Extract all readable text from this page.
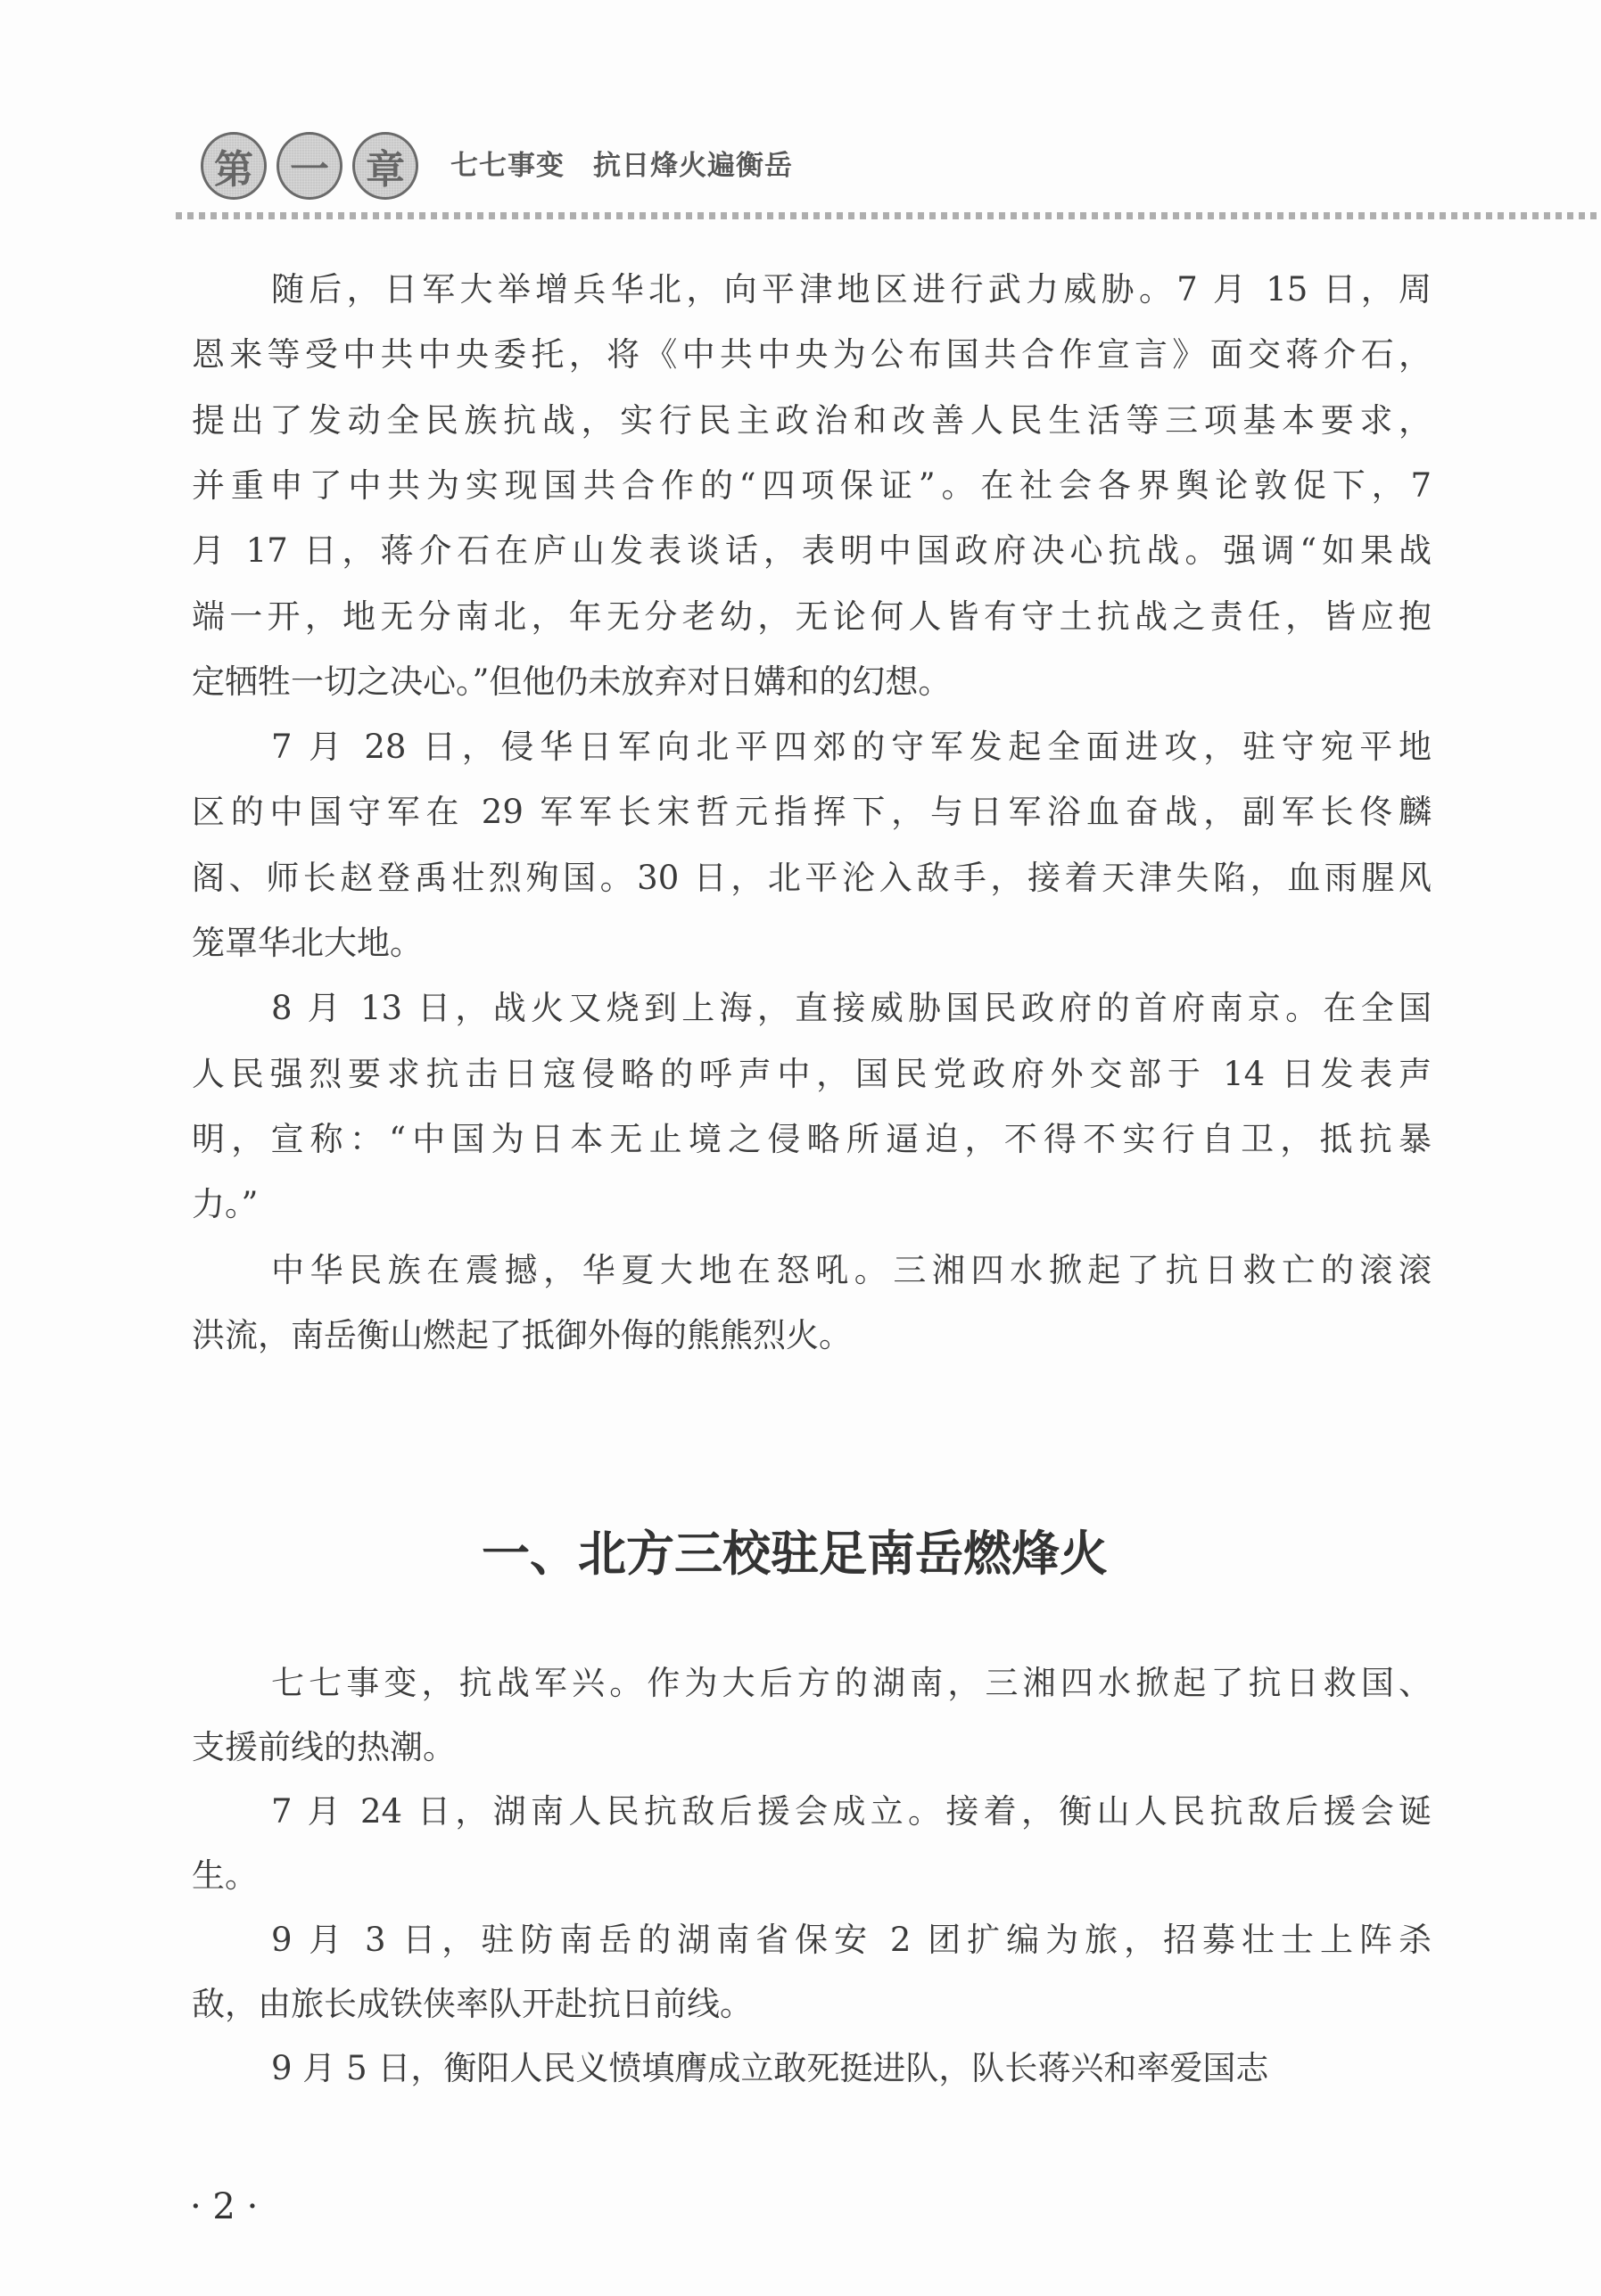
第 一 章	七七事变　抗日烽火遍衡岳
随后，日军大举增兵华北，向平津地区进行武力威胁。7 月 15 日，周
恩来等受中共中央委托，将《中共中央为公布国共合作宣言》面交蒋介石，
提出了发动全民族抗战，实行民主政治和改善人民生活等三项基本要求，
并重申了中共为实现国共合作的“四项保证”。在社会各界舆论敦促下，7
月 17 日，蒋介石在庐山发表谈话，表明中国政府决心抗战。强调“如果战
端一开，地无分南北，年无分老幼，无论何人皆有守土抗战之责任，皆应抱
定牺牲一切之决心。”但他仍未放弃对日媾和的幻想。
7 月 28 日，侵华日军向北平四郊的守军发起全面进攻，驻守宛平地
区的中国守军在 29 军军长宋哲元指挥下，与日军浴血奋战，副军长佟麟
阁、师长赵登禹壮烈殉国。30 日，北平沦入敌手，接着天津失陷，血雨腥风
笼罩华北大地。
8 月 13 日，战火又烧到上海，直接威胁国民政府的首府南京。在全国
人民强烈要求抗击日寇侵略的呼声中，国民党政府外交部于 14 日发表声
明，宣称：“中国为日本无止境之侵略所逼迫，不得不实行自卫，抵抗暴
力。”
中华民族在震撼，华夏大地在怒吼。三湘四水掀起了抗日救亡的滚滚
洪流，南岳衡山燃起了抵御外侮的熊熊烈火。
一、北方三校驻足南岳燃烽火
七七事变，抗战军兴。作为大后方的湖南，三湘四水掀起了抗日救国、
支援前线的热潮。
7 月 24 日，湖南人民抗敌后援会成立。接着，衡山人民抗敌后援会诞
生。
9 月 3 日，驻防南岳的湖南省保安 2 团扩编为旅，招募壮士上阵杀
敌，由旅长成铁侠率队开赴抗日前线。
9 月 5 日，衡阳人民义愤填膺成立敢死挺进队，队长蒋兴和率爱国志
· 2 ·
